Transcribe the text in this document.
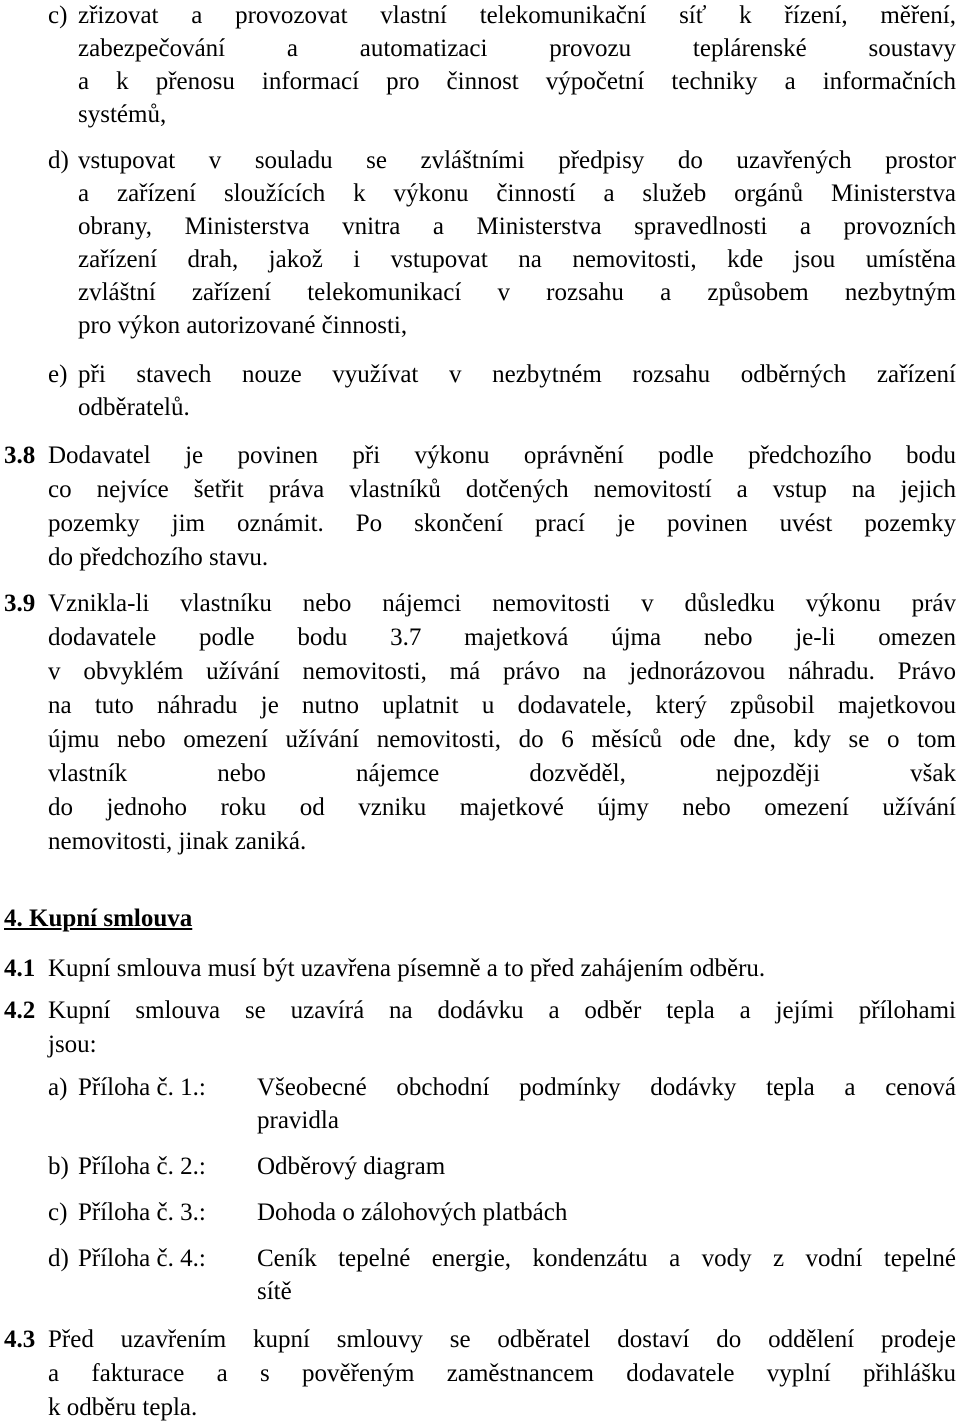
c) zřizovat a provozovat vlastní telekomunikační síť k řízení, měření,
zabezpečování a automatizaci provozu teplárenské soustavy
a k přenosu informací pro činnost výpočetní techniky a informačních
systémů,
d) vstupovat v souladu se zvláštními předpisy do uzavřených prostor
a zařízení sloužících k výkonu činností a služeb orgánů Ministerstva
obrany, Ministerstva vnitra a Ministerstva spravedlnosti a provozních
zařízení drah, jakož i vstupovat na nemovitosti, kde jsou umístěna
zvláštní zařízení telekomunikací v rozsahu a způsobem nezbytným
pro výkon autorizované činnosti,
e) při stavech nouze využívat v nezbytném rozsahu odběrných zařízení
odběratelů.
3.8 Dodavatel je povinen při výkonu oprávnění podle předchozího bodu
co nejvíce šetřit práva vlastníků dotčených nemovitostí a vstup na jejich
pozemky jim oznámit. Po skončení prací je povinen uvést pozemky
do předchozího stavu.
3.9 Vznikla-li vlastníku nebo nájemci nemovitosti v důsledku výkonu práv
dodavatele podle bodu 3.7 majetková újma nebo je-li omezen
v obvyklém užívání nemovitosti, má právo na jednorázovou náhradu. Právo
na tuto náhradu je nutno uplatnit u dodavatele, který způsobil majetkovou
újmu nebo omezení užívání nemovitosti, do 6 měsíců ode dne, kdy se o tom
vlastník nebo nájemce dozvěděl, nejpozději však
do jednoho roku od vzniku majetkové újmy nebo omezení užívání
nemovitosti, jinak zaniká.
4. Kupní smlouva
4.1 Kupní smlouva musí být uzavřena písemně a to před zahájením odběru.
4.2 Kupní smlouva se uzavírá na dodávku a odběr tepla a jejími přílohami
jsou:
a) Příloha č. 1.: Všeobecné obchodní podmínky dodávky tepla a cenová
pravidla
b) Příloha č. 2.: Odběrový diagram
c) Příloha č. 3.: Dohoda o zálohových platbách
d) Příloha č. 4.: Ceník tepelné energie, kondenzátu a vody z vodní tepelné
sítě
4.3 Před uzavřením kupní smlouvy se odběratel dostaví do oddělení prodeje
a fakturace a s pověřeným zaměstnancem dodavatele vyplní přihlášku
k odběru tepla.
